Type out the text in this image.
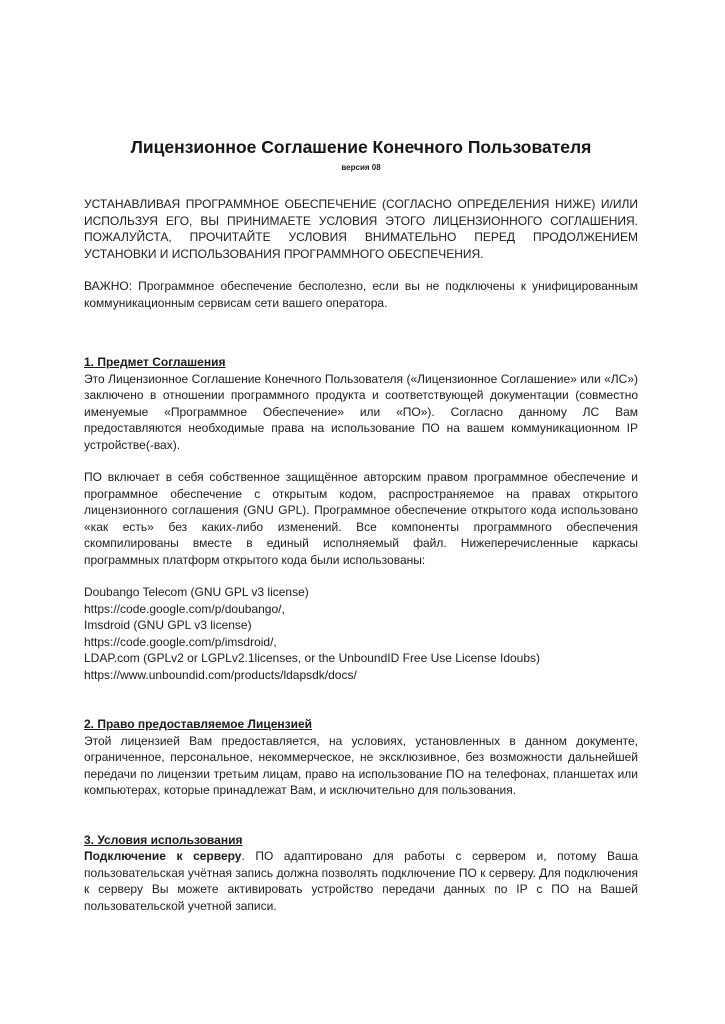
Лицензионное Соглашение Конечного Пользователя
версия 08

УСТАНАВЛИВАЯ ПРОГРАММНОЕ ОБЕСПЕЧЕНИЕ (СОГЛАСНО ОПРЕДЕЛЕНИЯ НИЖЕ) И/ИЛИ ИСПОЛЬЗУЯ ЕГО, ВЫ ПРИНИМАЕТЕ УСЛОВИЯ ЭТОГО ЛИЦЕНЗИОННОГО СОГЛАШЕНИЯ. ПОЖАЛУЙСТА, ПРОЧИТАЙТЕ УСЛОВИЯ ВНИМАТЕЛЬНО ПЕРЕД ПРОДОЛЖЕНИЕМ УСТАНОВКИ И ИСПОЛЬЗОВАНИЯ ПРОГРАММНОГО ОБЕСПЕЧЕНИЯ.

ВАЖНО: Программное обеспечение бесполезно, если вы не подключены к унифицированным коммуникационным сервисам сети вашего оператора.

1. Предмет Соглашения

Это Лицензионное Соглашение Конечного Пользователя («Лицензионное Соглашение» или «ЛС») заключено в отношении программного продукта и соответствующей документации (совместно именуемые «Программное Обеспечение» или «ПО»). Согласно данному ЛС Вам предоставляются необходимые права на использование ПО на вашем коммуникационном IP устройстве(-вах).

ПО включает в себя собственное защищённое авторским правом программное обеспечение и программное обеспечение с открытым кодом, распространяемое на правах открытого лицензионного соглашения (GNU GPL). Программное обеспечение открытого кода использовано «как есть» без каких-либо изменений. Все компоненты программного обеспечения скомпилированы вместе в единый исполняемый файл. Нижеперечисленные каркасы программных платформ открытого кода были использованы:

Doubango Telecom (GNU GPL v3 license)
https://code.google.com/p/doubango/,
Imsdroid (GNU GPL v3 license)
https://code.google.com/p/imsdroid/,
LDAP.com (GPLv2 or LGPLv2.1licenses, or the UnboundID Free Use License Idoubs)
https://www.unboundid.com/products/ldapsdk/docs/
2. Право предоставляемое Лицензией

Этой лицензией Вам предоставляется, на условиях, установленных в данном документе, ограниченное, персональное, некоммерческое, не эксклюзивное, без возможности дальнейшей передачи по лицензии третьим лицам, право на использование ПО на телефонах, планшетах или компьютерах, которые принадлежат Вам, и исключительно для пользования.

3. Условия использования

Подключение к серверу. ПО адаптировано для работы с сервером и, потому Ваша пользовательская учётная запись должна позволять подключение ПО к серверу. Для подключения к серверу Вы можете активировать устройство передачи данных по IP с ПО на Вашей пользовательской учетной записи.
